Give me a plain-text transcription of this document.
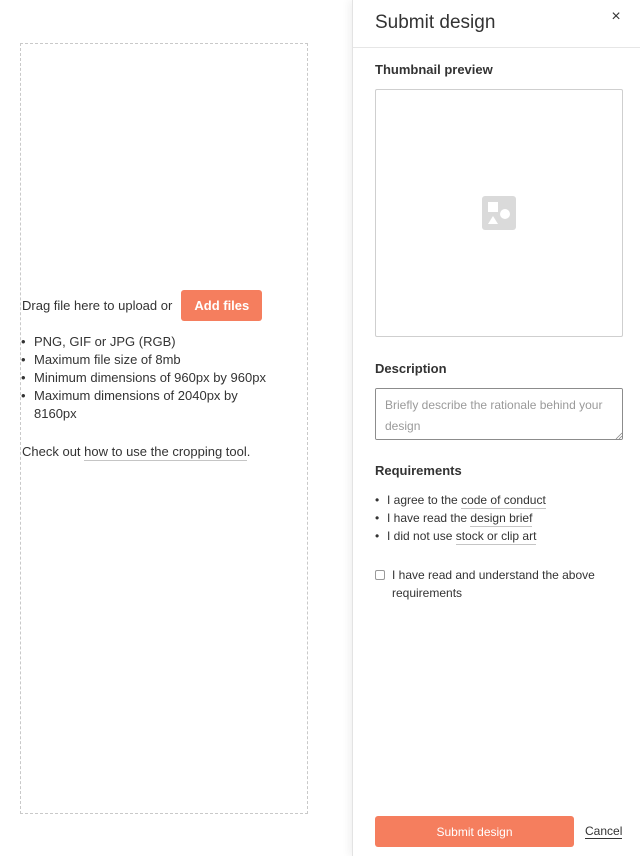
Drag file here to upload or	Add files
• PNG, GIF or JPG (RGB)
• Maximum file size of 8mb
• Minimum dimensions of 960px by 960px
• Maximum dimensions of 2040px by 8160px
Check out how to use the cropping tool.
Submit design	×
Thumbnail preview
Description
Briefly describe the rationale behind your design
Requirements
• I agree to the code of conduct
• I have read the design brief
• I did not use stock or clip art
I have read and understand the above requirements
Submit design	Cancel
